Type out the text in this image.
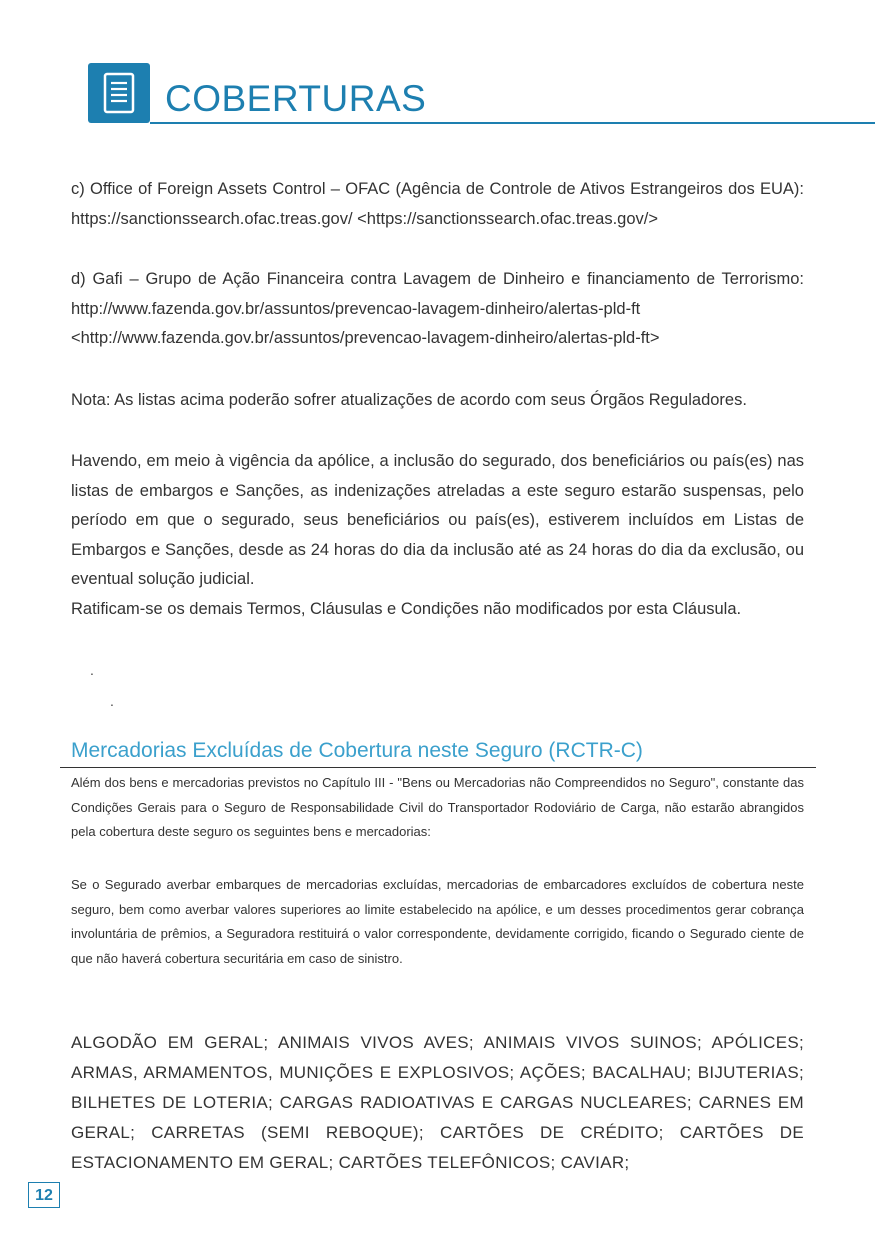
COBERTURAS

c) Office of Foreign Assets Control – OFAC (Agência de Controle de Ativos Estrangeiros dos EUA): https://sanctionssearch.ofac.treas.gov/ <https://sanctionssearch.ofac.treas.gov/>

d) Gafi – Grupo de Ação Financeira contra Lavagem de Dinheiro e financiamento de Terrorismo: http://www.fazenda.gov.br/assuntos/prevencao-lavagem-dinheiro/alertas-pld-ft <http://www.fazenda.gov.br/assuntos/prevencao-lavagem-dinheiro/alertas-pld-ft>

Nota: As listas acima poderão sofrer atualizações de acordo com seus Órgãos Reguladores.

Havendo, em meio à vigência da apólice, a inclusão do segurado, dos beneficiários ou país(es) nas listas de embargos e Sanções, as indenizações atreladas a este seguro estarão suspensas, pelo período em que o segurado, seus beneficiários ou país(es), estiverem incluídos em Listas de Embargos e Sanções, desde as 24 horas do dia da inclusão até as 24 horas do dia da exclusão, ou eventual solução judicial.

Ratificam-se os demais Termos, Cláusulas e Condições não modificados por esta Cláusula.

.
.
Mercadorias Excluídas de Cobertura neste Seguro (RCTR-C)
Além dos bens e mercadorias previstos no Capítulo III - "Bens ou Mercadorias não Compreendidos no Seguro", constante das Condições Gerais para o Seguro de Responsabilidade Civil do Transportador Rodoviário de Carga, não estarão abrangidos pela cobertura deste seguro os seguintes bens e mercadorias:
Se o Segurado averbar embarques de mercadorias excluídas, mercadorias de embarcadores excluídos de cobertura neste seguro, bem como averbar valores superiores ao limite estabelecido na apólice, e um desses procedimentos gerar cobrança involuntária de prêmios, a Seguradora restituirá o valor correspondente, devidamente corrigido, ficando o Segurado ciente de que não haverá cobertura securitária em caso de sinistro.
ALGODÃO EM GERAL; ANIMAIS VIVOS AVES; ANIMAIS VIVOS SUINOS; APÓLICES; ARMAS, ARMAMENTOS, MUNIÇÕES E EXPLOSIVOS; AÇÕES; BACALHAU; BIJUTERIAS; BILHETES DE LOTERIA; CARGAS RADIOATIVAS E CARGAS NUCLEARES; CARNES EM GERAL; CARRETAS (SEMI REBOQUE); CARTÕES DE CRÉDITO; CARTÕES DE ESTACIONAMENTO EM GERAL; CARTÕES TELEFÔNICOS; CAVIAR;
12
